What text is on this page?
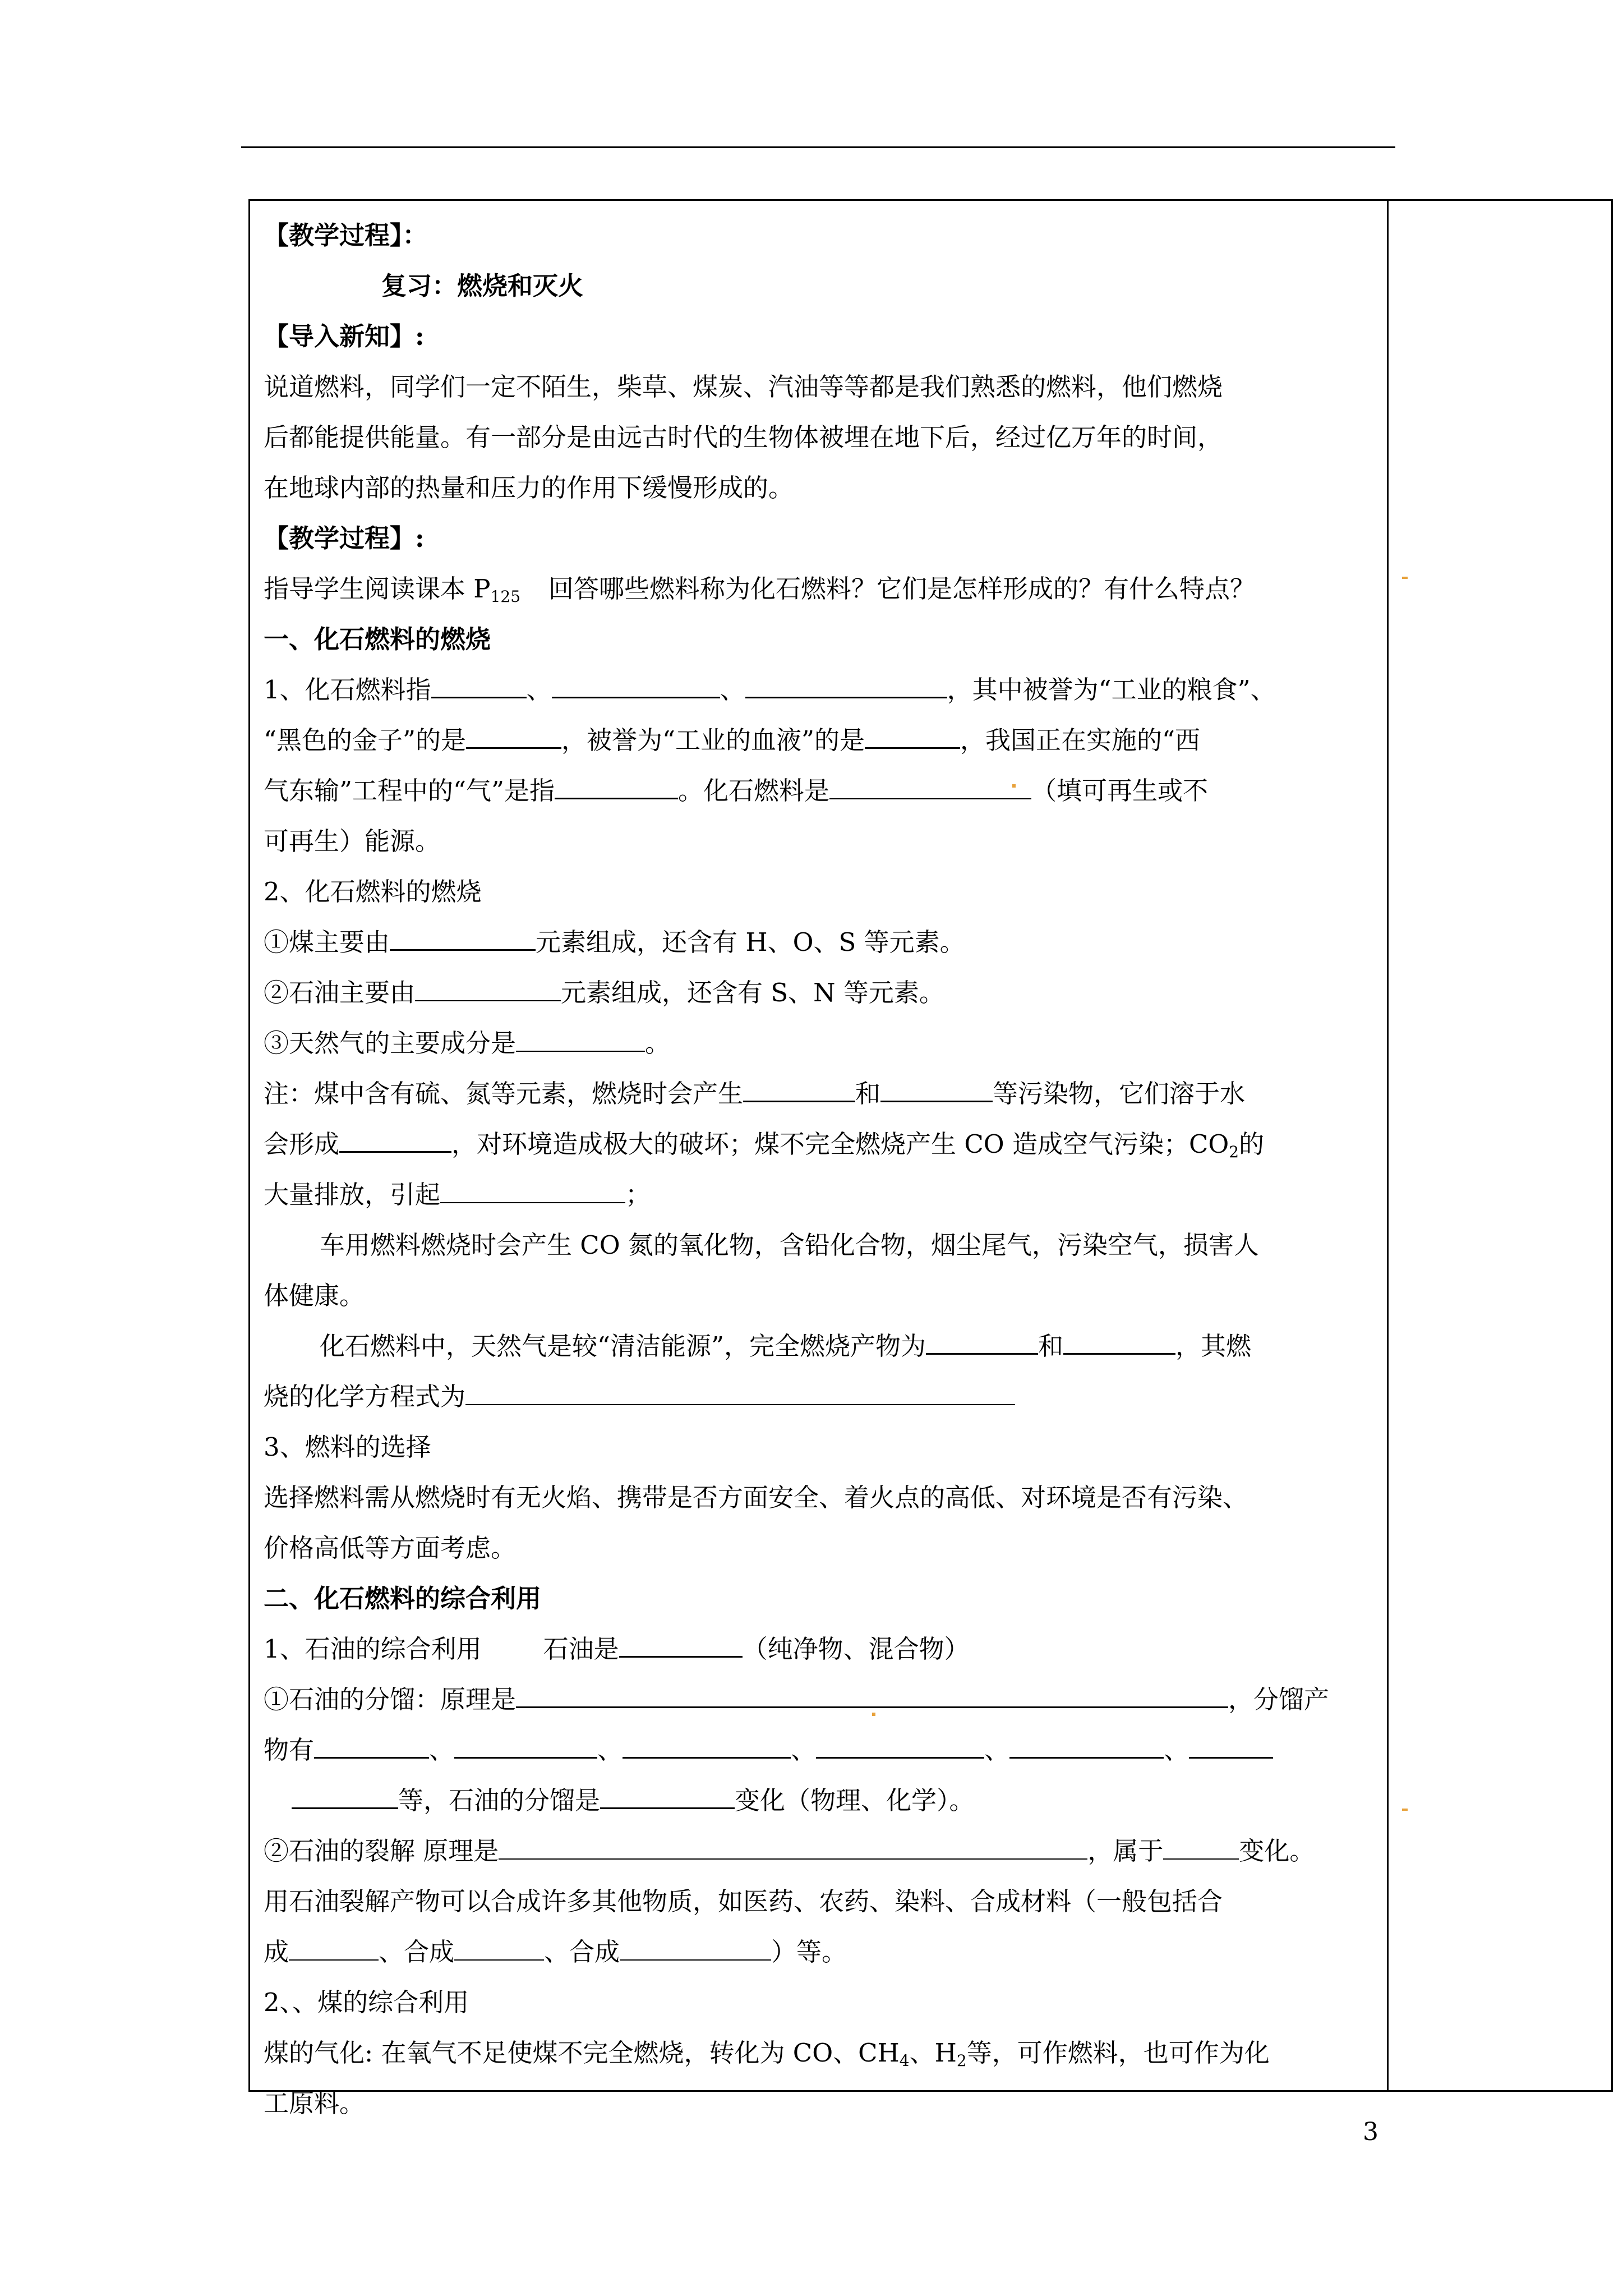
【教学过程】：
复习：燃烧和灭火
【导入新知】:
说道燃料，同学们一定不陌生，柴草、煤炭、汽油等等都是我们熟悉的燃料，他们燃烧
后都能提供能量。有一部分是由远古时代的生物体被埋在地下后，经过亿万年的时间，
在地球内部的热量和压力的作用下缓慢形成的。
【教学过程】:
指导学生阅读课本 $P_{125}$ 回答哪些燃料称为化石燃料？它们是怎样形成的？有什么特点？
一、化石燃料的燃烧
1、化石燃料指	、	、	，其中被誉为“工业的粮食”、
“黑色的金子”的是	，被誉为“工业的血液”的是	，我国正在实施的“西
气东输”工程中的“气”是指	。化石燃料是	（填可再生或不
可再生）能源。
2、化石燃料的燃烧
①煤主要由	元素组成，还含有 H、O、S 等元素。
②石油主要由	元素组成，还含有 S、N 等元素。
③天然气的主要成分是	。
注：煤中含有硫、氮等元素，燃烧时会产生	和	等污染物，它们溶于水
会形成	，对环境造成极大的破坏；煤不完全燃烧产生 CO 造成空气污染；$CO_2$的
大量排放，引起	；
车用燃料燃烧时会产生 CO 氮的氧化物，含铅化合物，烟尘尾气，污染空气，损害人
体健康。
化石燃料中，天然气是较“清洁能源”，完全燃烧产物为	和	，其燃
烧的化学方程式为
3、燃料的选择
选择燃料需从燃烧时有无火焰、携带是否方面安全、着火点的高低、对环境是否有污染、
价格高低等方面考虑。
二、化石燃料的综合利用
1、石油的综合利用 石油是	（纯净物、混合物）
①石油的分馏：原理是	，分馏产
物有	、	、	、	、	、
等，石油的分馏是	变化（物理、化学）。
②石油的裂解 原理是	，属于	变化。
用石油裂解产物可以合成许多其他物质，如医药、农药、染料、合成材料（一般包括合
成	、合成	、合成	）等。
2、、煤的综合利用
煤的气化: 在氧气不足使煤不完全燃烧，转化为 CO、$CH_4$、$H_2$等，可作燃料，也可作为化
工原料。
3
